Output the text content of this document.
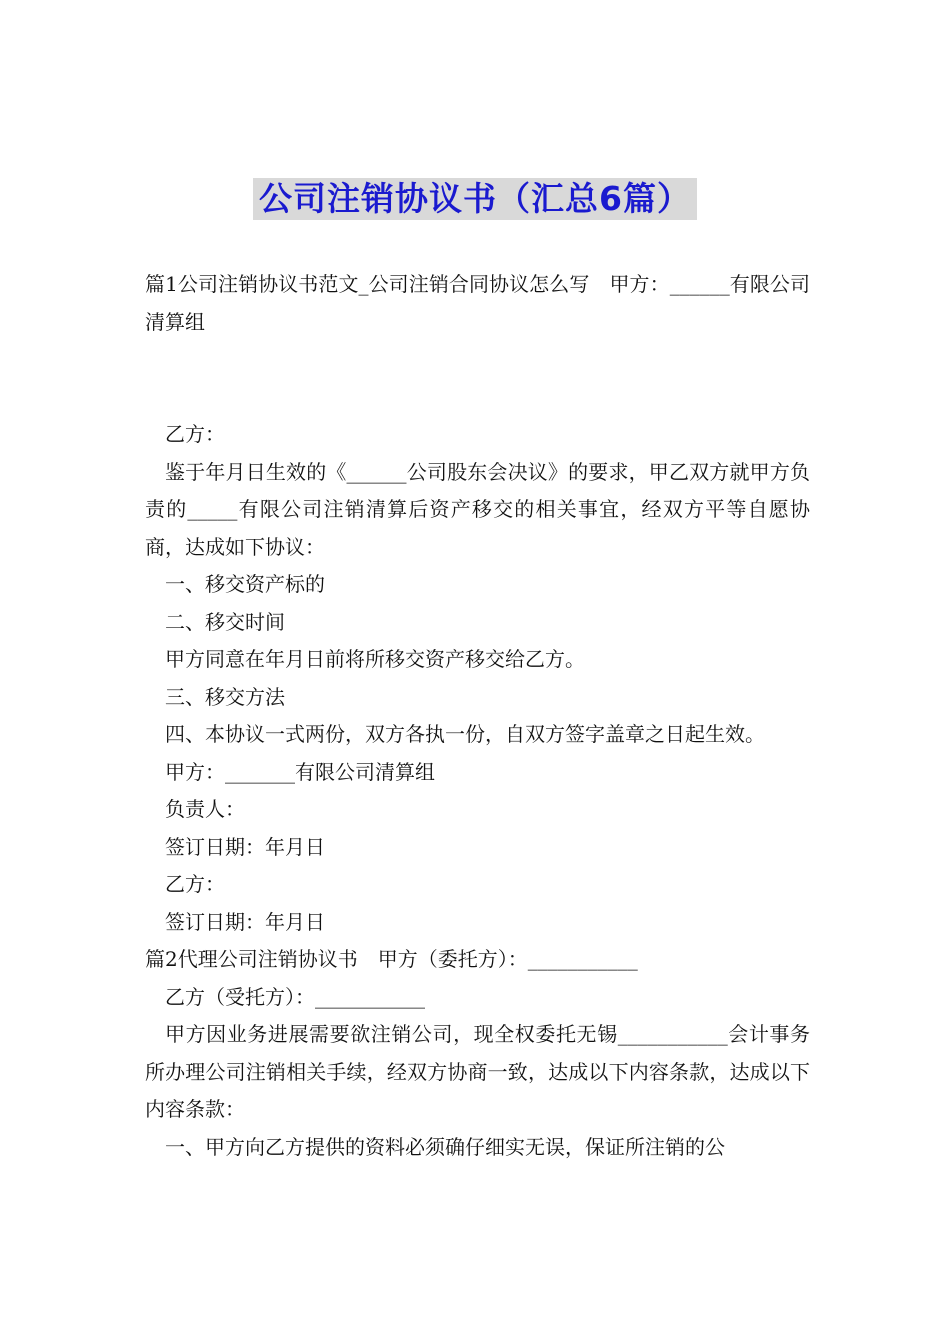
公司注销协议书（汇总6篇）

篇1公司注销协议书范文_公司注销合同协议怎么写　甲方：______有限公司清算组

乙方：

鉴于年月日生效的《______公司股东会决议》的要求，甲乙双方就甲方负责的_____有限公司注销清算后资产移交的相关事宜，经双方平等自愿协商，达成如下协议：

一、移交资产标的

二、移交时间

甲方同意在年月日前将所移交资产移交给乙方。

三、移交方法

四、本协议一式两份，双方各执一份，自双方签字盖章之日起生效。

甲方：_______有限公司清算组

负责人：

签订日期：年月日

乙方：

签订日期：年月日

篇2代理公司注销协议书　甲方（委托方）：___________

乙方（受托方）：___________

甲方因业务进展需要欲注销公司，现全权委托无锡___________会计事务所办理公司注销相关手续，经双方协商一致，达成以下内容条款，达成以下内容条款：

一、甲方向乙方提供的资料必须确仔细实无误，保证所注销的公
